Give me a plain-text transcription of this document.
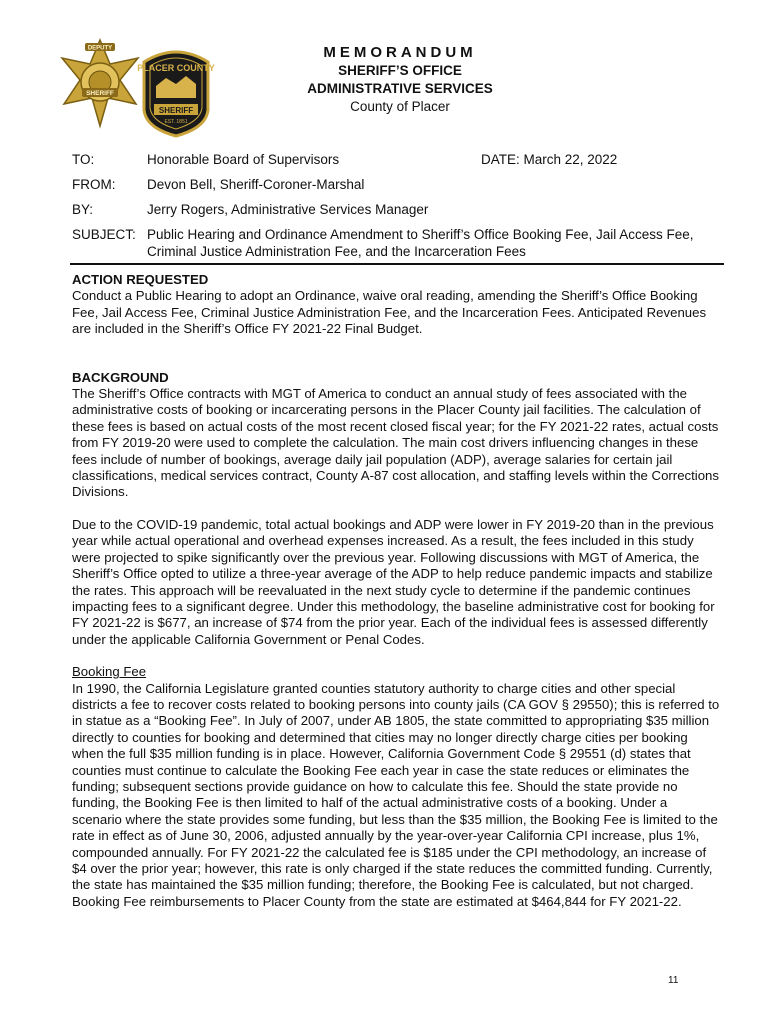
SHERIFF
DEPUTY
PLACER COUNTY
SHERIFF
EST. 1851
MEMORANDUM
SHERIFF’S OFFICE
ADMINISTRATIVE SERVICES
County of Placer
TO:	Honorable Board of Supervisors	DATE: March 22, 2022
FROM: Devon Bell, Sheriff-Coroner-Marshal
BY:	Jerry Rogers, Administrative Services Manager
SUBJECT: Public Hearing and Ordinance Amendment to Sheriff’s Office Booking Fee, Jail Access Fee, Criminal Justice Administration Fee, and the Incarceration Fees

ACTION REQUESTED

Conduct a Public Hearing to adopt an Ordinance, waive oral reading, amending the Sheriff’s Office Booking Fee, Jail Access Fee, Criminal Justice Administration Fee, and the Incarceration Fees. Anticipated Revenues are included in the Sheriff’s Office FY 2021-22 Final Budget.

BACKGROUND

The Sheriff’s Office contracts with MGT of America to conduct an annual study of fees associated with the administrative costs of booking or incarcerating persons in the Placer County jail facilities. The calculation of these fees is based on actual costs of the most recent closed fiscal year; for the FY 2021-22 rates, actual costs from FY 2019-20 were used to complete the calculation. The main cost drivers influencing changes in these fees include of number of bookings, average daily jail population (ADP), average salaries for certain jail classifications, medical services contract, County A-87 cost allocation, and staffing levels within the Corrections Divisions.

Due to the COVID-19 pandemic, total actual bookings and ADP were lower in FY 2019-20 than in the previous year while actual operational and overhead expenses increased. As a result, the fees included in this study were projected to spike significantly over the previous year. Following discussions with MGT of America, the Sheriff’s Office opted to utilize a three-year average of the ADP to help reduce pandemic impacts and stabilize the rates. This approach will be reevaluated in the next study cycle to determine if the pandemic continues impacting fees to a significant degree. Under this methodology, the baseline administrative cost for booking for FY 2021-22 is $677, an increase of $74 from the prior year. Each of the individual fees is assessed differently under the applicable California Government or Penal Codes.

Booking Fee

In 1990, the California Legislature granted counties statutory authority to charge cities and other special districts a fee to recover costs related to booking persons into county jails (CA GOV § 29550); this is referred to in statue as a “Booking Fee”. In July of 2007, under AB 1805, the state committed to appropriating $35 million directly to counties for booking and determined that cities may no longer directly charge cities per booking when the full $35 million funding is in place. However, California Government Code § 29551 (d) states that counties must continue to calculate the Booking Fee each year in case the state reduces or eliminates the funding; subsequent sections provide guidance on how to calculate this fee. Should the state provide no funding, the Booking Fee is then limited to half of the actual administrative costs of a booking. Under a scenario where the state provides some funding, but less than the $35 million, the Booking Fee is limited to the rate in effect as of June 30, 2006, adjusted annually by the year-over-year California CPI increase, plus 1%, compounded annually. For FY 2021-22 the calculated fee is $185 under the CPI methodology, an increase of $4 over the prior year; however, this rate is only charged if the state reduces the committed funding. Currently, the state has maintained the $35 million funding; therefore, the Booking Fee is calculated, but not charged. Booking Fee reimbursements to Placer County from the state are estimated at $464,844 for FY 2021-22.

11
